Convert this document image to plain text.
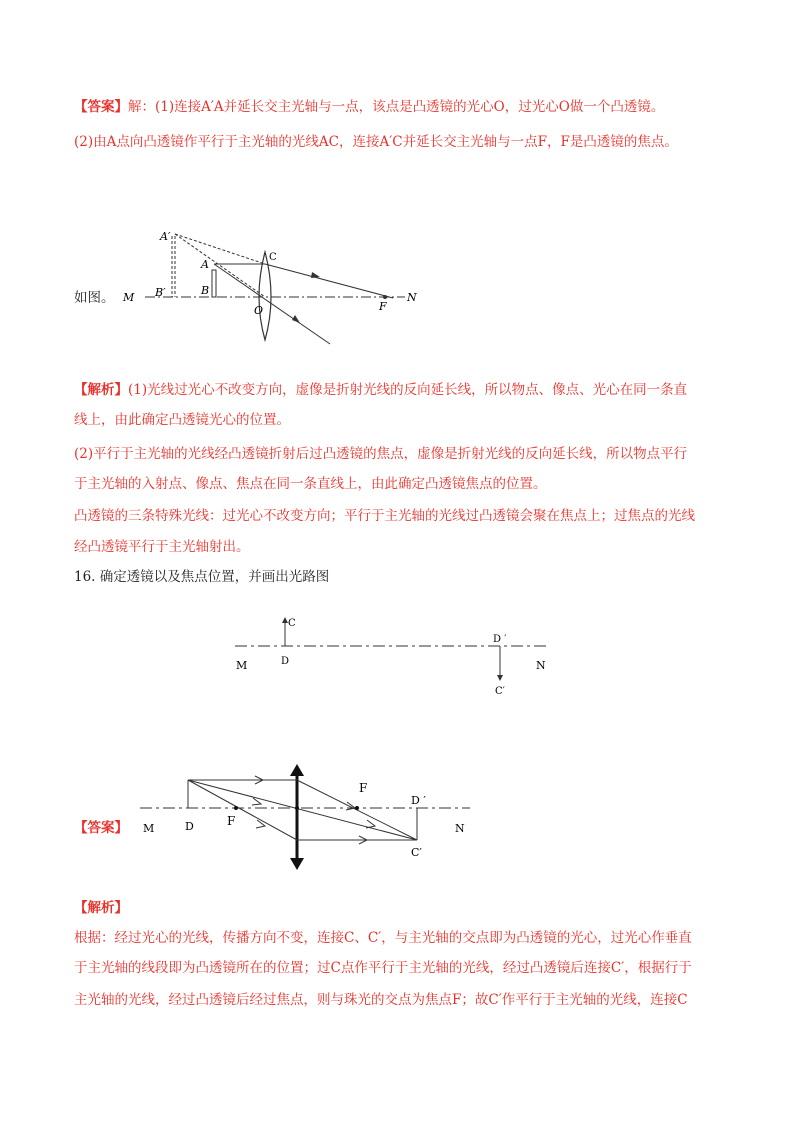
【答案】解：(1)连接A′A并延长交主光轴与一点，该点是凸透镜的光心O，过光心O做一个凸透镜。
(2)由A点向凸透镜作平行于主光轴的光线AC，连接A′C并延长交主光轴与一点F，F是凸透镜的焦点。
如图。
A′
A
B′	B
C
O	F
M	N
【解析】(1)光线过光心不改变方向，虚像是折射光线的反向延长线，所以物点、像点、光心在同一条直
线上，由此确定凸透镜光心的位置。
(2)平行于主光轴的光线经凸透镜折射后过凸透镜的焦点，虚像是折射光线的反向延长线，所以物点平行
于主光轴的入射点、像点、焦点在同一条直线上，由此确定凸透镜焦点的位置。
凸透镜的三条特殊光线：过光心不改变方向；平行于主光轴的光线过凸透镜会聚在焦点上；过焦点的光线
经凸透镜平行于主光轴射出。
16. 确定透镜以及焦点位置，并画出光路图
C
D
D ′
C′
M	N
【答案】	D	F
F
D ′
C′
M	N
【解析】
根据：经过光心的光线，传播方向不变，连接C、C′，与主光轴的交点即为凸透镜的光心，过光心作垂直
于主光轴的线段即为凸透镜所在的位置；过C点作平行于主光轴的光线，经过凸透镜后连接C′，根据行于
主光轴的光线，经过凸透镜后经过焦点，则与珠光的交点为焦点F；故C′作平行于主光轴的光线，连接C
